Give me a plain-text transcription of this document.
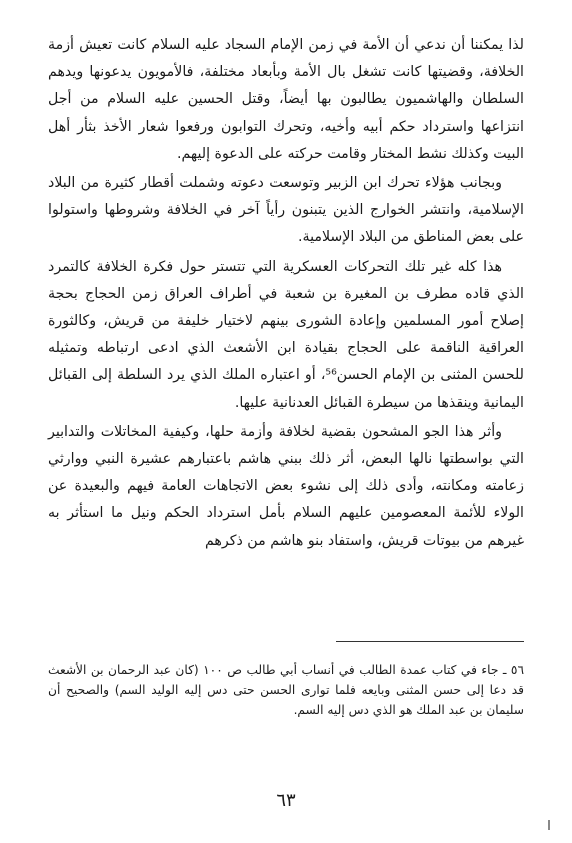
لذا يمكننا أن ندعي أن الأمة في زمن الإمام السجاد عليه السلام كانت تعيش أزمة الخلافة، وقضيتها كانت تشغل بال الأمة وبأبعاد مختلفة، فالأمويون يدعونها ويدهم السلطان والهاشميون يطالبون بها أيضاً، وقتل الحسين عليه السلام من أجل انتزاعها واسترداد حكم أبيه وأخيه، وتحرك التوابون ورفعوا شعار الأخذ بثأر أهل البيت وكذلك نشط المختار وقامت حركته على الدعوة إليهم.

وبجانب هؤلاء تحرك ابن الزبير وتوسعت دعوته وشملت أقطار كثيرة من البلاد الإسلامية، وانتشر الخوارج الذين يتبنون رأياً آخر في الخلافة وشروطها واستولوا على بعض المناطق من البلاد الإسلامية.

هذا كله غير تلك التحركات العسكرية التي تتستر حول فكرة الخلافة كالتمرد الذي قاده مطرف بن المغيرة بن شعبة في أطراف العراق زمن الحجاج بحجة إصلاح أمور المسلمين وإعادة الشورى بينهم لاختيار خليفة من قريش، وكالثورة العراقية الناقمة على الحجاج بقيادة ابن الأشعث الذي ادعى ارتباطه وتمثيله للحسن المثنى بن الإمام الحسن⁵⁶، أو اعتباره الملك الذي يرد السلطة إلى القبائل اليمانية وينقذها من سيطرة القبائل العدنانية عليها.

وأثر هذا الجو المشحون بقضية لخلافة وأزمة حلها، وكيفية المخاتلات والتدابير التي بواسطتها نالها البعض، أثر ذلك ببني هاشم باعتبارهم عشيرة النبي ووارثي زعامته ومكانته، وأدى ذلك إلى نشوء بعض الاتجاهات العامة فيهم والبعيدة عن الولاء للأئمة المعصومين عليهم السلام بأمل استرداد الحكم ونيل ما استأثر به غيرهم من بيوتات قريش، واستفاد بنو هاشم من ذكرهم

٥٦ ـ جاء في كتاب عمدة الطالب في أنساب أبي طالب ص ١٠٠ (كان عبد الرحمان بن الأشعث قد دعا إلى حسن المثنى وبايعه فلما توارى الحسن حتى دس إليه الوليد السم) والصحيح أن سليمان بن عبد الملك هو الذي دس إليه السم.

٦٣
